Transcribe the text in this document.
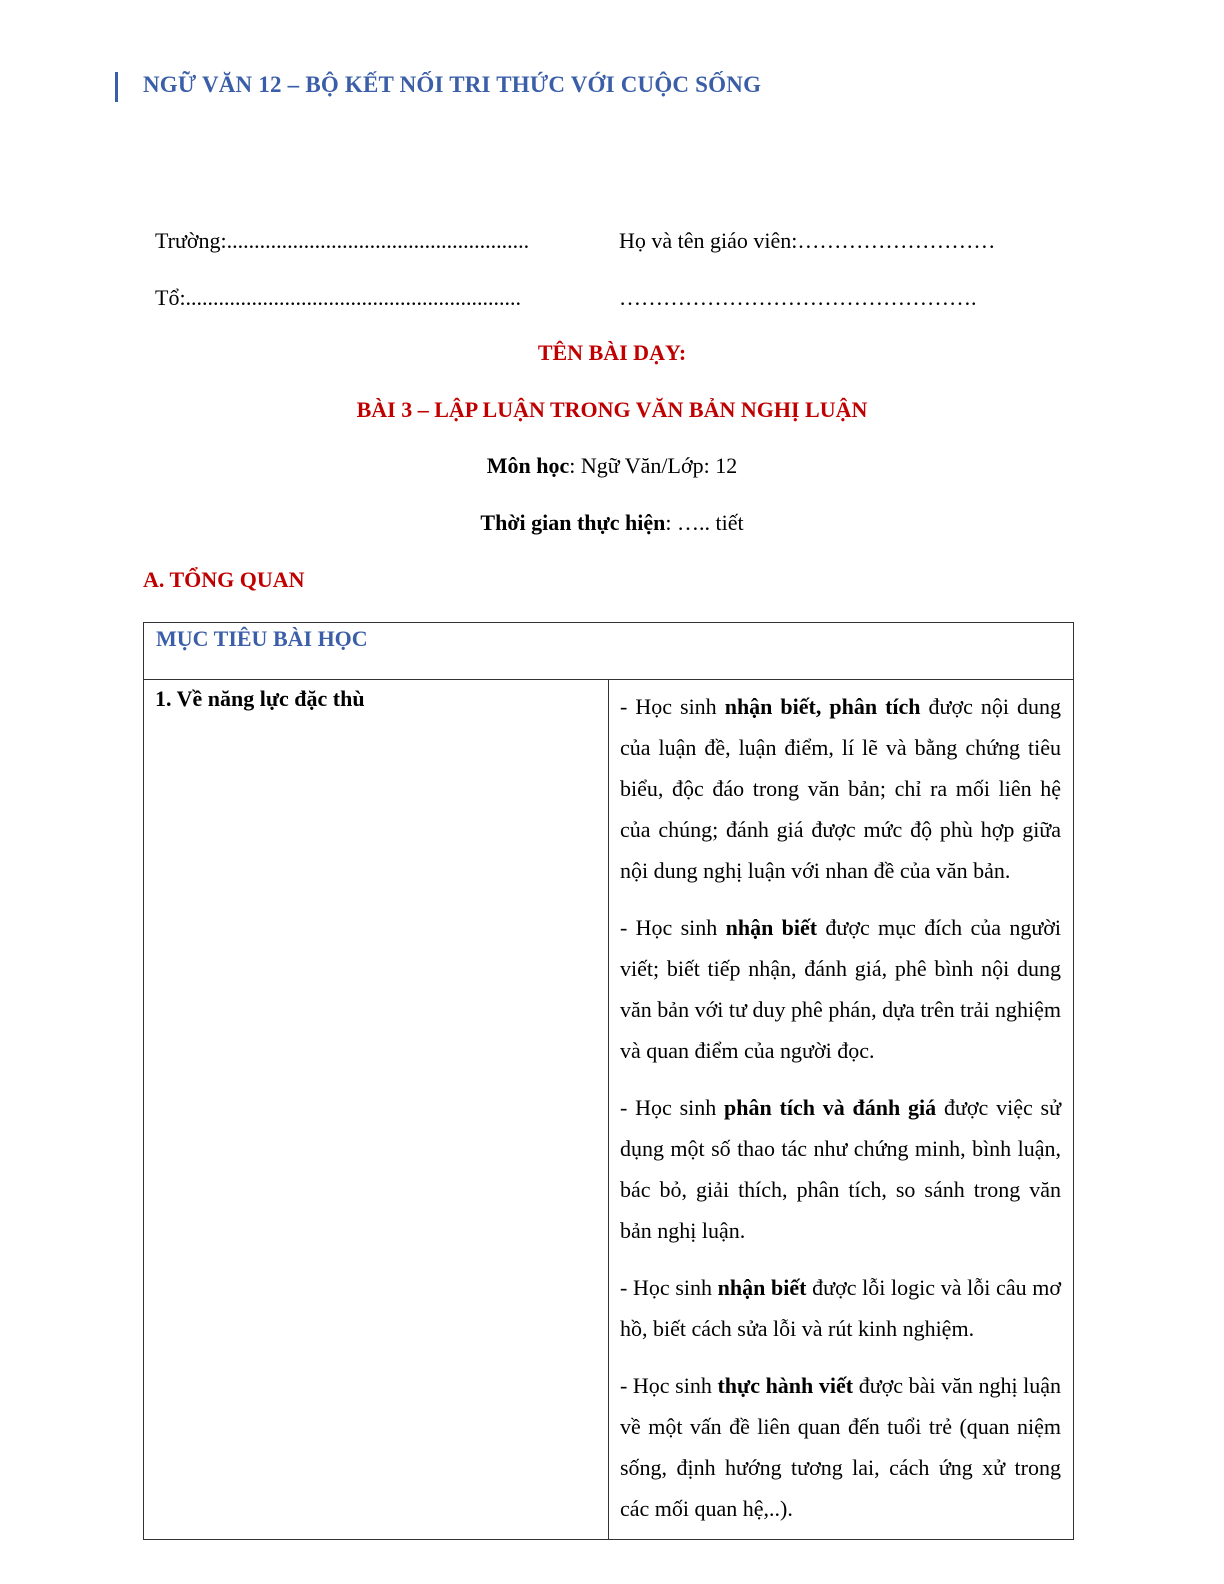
NGỮ VĂN 12 – BỘ KẾT NỐI TRI THỨC VỚI CUỘC SỐNG
Trường:.......................................................	Họ và tên giáo viên:………………………
Tổ:.............................................................	………………………………………….
TÊN BÀI DẠY:
BÀI 3 – LẬP LUẬN TRONG VĂN BẢN NGHỊ LUẬN
Môn học: Ngữ Văn/Lớp: 12
Thời gian thực hiện: ….. tiết
A. TỔNG QUAN
MỤC TIÊU BÀI HỌC
1. Về năng lực đặc thù	- Học sinh nhận biết, phân tích được nội dung của luận đề, luận điểm, lí lẽ và bằng chứng tiêu biểu, độc đáo trong văn bản; chỉ ra mối liên hệ của chúng; đánh giá được mức độ phù hợp giữa nội dung nghị luận với nhan đề của văn bản.

- Học sinh nhận biết được mục đích của người viết; biết tiếp nhận, đánh giá, phê bình nội dung văn bản với tư duy phê phán, dựa trên trải nghiệm và quan điểm của người đọc.

- Học sinh phân tích và đánh giá được việc sử dụng một số thao tác như chứng minh, bình luận, bác bỏ, giải thích, phân tích, so sánh trong văn bản nghị luận.

- Học sinh nhận biết được lỗi logic và lỗi câu mơ hồ, biết cách sửa lỗi và rút kinh nghiệm.

- Học sinh thực hành viết được bài văn nghị luận về một vấn đề liên quan đến tuổi trẻ (quan niệm sống, định hướng tương lai, cách ứng xử trong các mối quan hệ,..).
